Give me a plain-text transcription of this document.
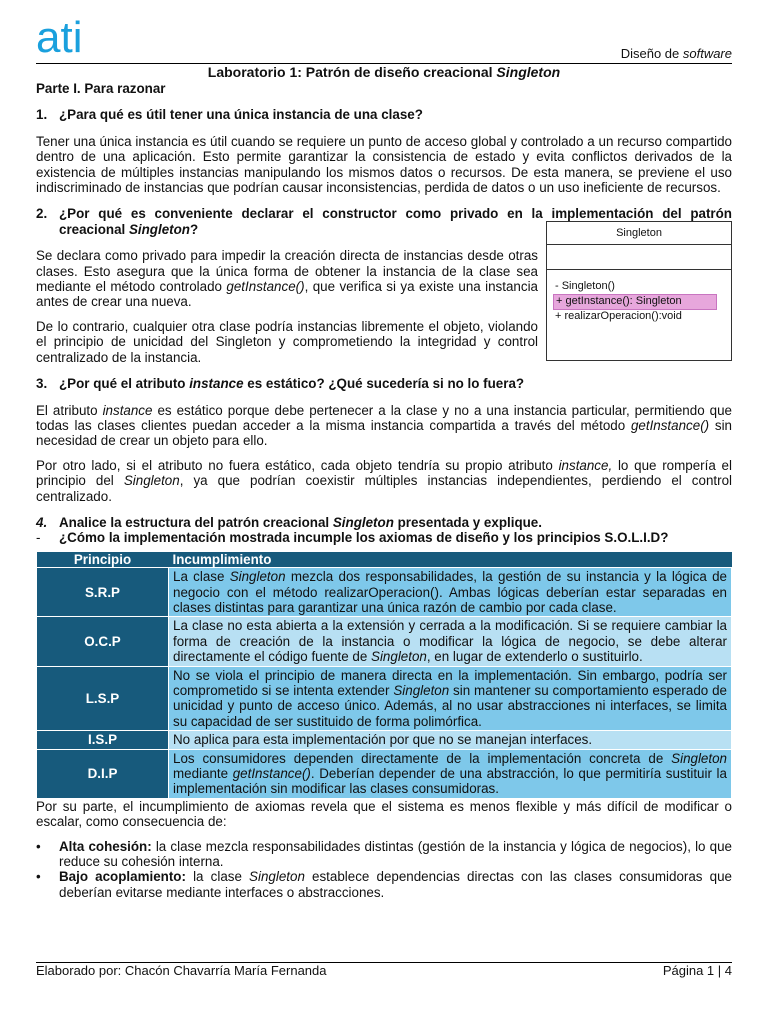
ati	Diseño de software
Laboratorio 1: Patrón de diseño creacional Singleton
Parte I. Para razonar
1. ¿Para qué es útil tener una única instancia de una clase?

Tener una única instancia es útil cuando se requiere un punto de acceso global y controlado a un recurso compartido dentro de una aplicación. Esto permite garantizar la consistencia de estado y evita conflictos derivados de la existencia de múltiples instancias manipulando los mismos datos o recursos. De esta manera, se previene el uso indiscriminado de instancias que podrían causar inconsistencias, perdida de datos o un uso ineficiente de recursos.

2. ¿Por qué es conveniente declarar el constructor como privado en la implementación del patrón creacional Singleton?

Se declara como privado para impedir la creación directa de instancias desde otras clases. Esto asegura que la única forma de obtener la instancia de la clase sea mediante el método controlado getInstance(), que verifica si ya existe una instancia antes de crear una nueva.

De lo contrario, cualquier otra clase podría instancias libremente el objeto, violando el principio de unicidad del Singleton y comprometiendo la integridad y control centralizado de la instancia.

Singleton
- Singleton()
+ getInstance(): Singleton
+ realizarOperacion():void
3. ¿Por qué el atributo instance es estático? ¿Qué sucedería si no lo fuera?

El atributo instance es estático porque debe pertenecer a la clase y no a una instancia particular, permitiendo que todas las clases clientes puedan acceder a la misma instancia compartida a través del método getInstance() sin necesidad de crear un objeto para ello.

Por otro lado, si el atributo no fuera estático, cada objeto tendría su propio atributo instance, lo que rompería el principio del Singleton, ya que podrían coexistir múltiples instancias independientes, perdiendo el control centralizado.

4. Analice la estructura del patrón creacional Singleton presentada y explique.
-	¿Cómo la implementación mostrada incumple los axiomas de diseño y los principios S.O.L.I.D?
Principio	Incumplimiento
S.R.P	La clase Singleton mezcla dos responsabilidades, la gestión de su instancia y la lógica de negocio con el método realizarOperacion(). Ambas lógicas deberían estar separadas en clases distintas para garantizar una única razón de cambio por cada clase.
O.C.P	La clase no esta abierta a la extensión y cerrada a la modificación. Si se requiere cambiar la forma de creación de la instancia o modificar la lógica de negocio, se debe alterar directamente el código fuente de Singleton, en lugar de extenderlo o sustituirlo.
L.S.P	No se viola el principio de manera directa en la implementación. Sin embargo, podría ser comprometido si se intenta extender Singleton sin mantener su comportamiento esperado de unicidad y punto de acceso único. Además, al no usar abstracciones ni interfaces, se limita su capacidad de ser sustituido de forma polimórfica.
I.S.P	No aplica para esta implementación por que no se manejan interfaces.
D.I.P	Los consumidores dependen directamente de la implementación concreta de Singleton mediante getInstance(). Deberían depender de una abstracción, lo que permitiría sustituir la implementación sin modificar las clases consumidoras.

Por su parte, el incumplimiento de axiomas revela que el sistema es menos flexible y más difícil de modificar o escalar, como consecuencia de:

•	Alta cohesión: la clase mezcla responsabilidades distintas (gestión de la instancia y lógica de negocios), lo que reduce su cohesión interna.

•	Bajo acoplamiento: la clase Singleton establece dependencias directas con las clases consumidoras que deberían evitarse mediante interfaces o abstracciones.

Elaborado por: Chacón Chavarría María Fernanda	Página 1 | 4
